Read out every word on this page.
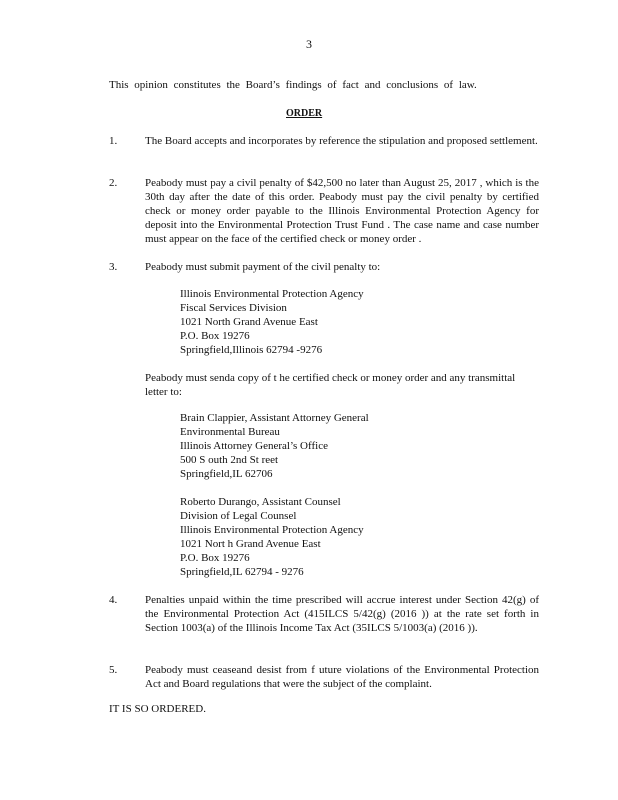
3
This opinion constitutes the Board’s findings of fact and conclusions of law.
ORDER
1.	The Board accepts and incorporates by reference the stipulation and proposed settlement.
2.	Peabody must pay a civil penalty of $42,500 no later than August 25, 2017 , which is the 30th day after the date of this order. Peabody must pay the civil penalty by certified check or money order payable to the Illinois Environmental Protection Agency for deposit into the Environmental Protection Trust Fund . The case name and case number must appear on the face of the certified check or money order .
3.	Peabody must submit payment of the civil penalty to:
Illinois Environmental Protection Agency
Fiscal Services Division
1021 North Grand Avenue East
P.O. Box 19276
Springfield,Illinois 62794 -9276
Peabody must senda copy of t he certified check or money order and any transmittal letter to:
Brain Clappier, Assistant Attorney General
Environmental Bureau
Illinois Attorney General’s Office
500 S outh 2nd St reet
Springfield,IL 62706
Roberto Durango, Assistant Counsel
Division of Legal Counsel
Illinois Environmental Protection Agency
1021 Nort h Grand Avenue East
P.O. Box 19276
Springfield,IL 62794 - 9276
4.	Penalties unpaid within the time prescribed will accrue interest under Section 42(g) of the Environmental Protection Act (415ILCS 5/42(g) (2016 )) at the rate set forth in Section 1003(a) of the Illinois Income Tax Act (35ILCS 5/1003(a) (2016 )).
5.	Peabody must ceaseand desist from f uture violations of the Environmental Protection Act and Board regulations that were the subject of the complaint.
IT IS SO ORDERED.
